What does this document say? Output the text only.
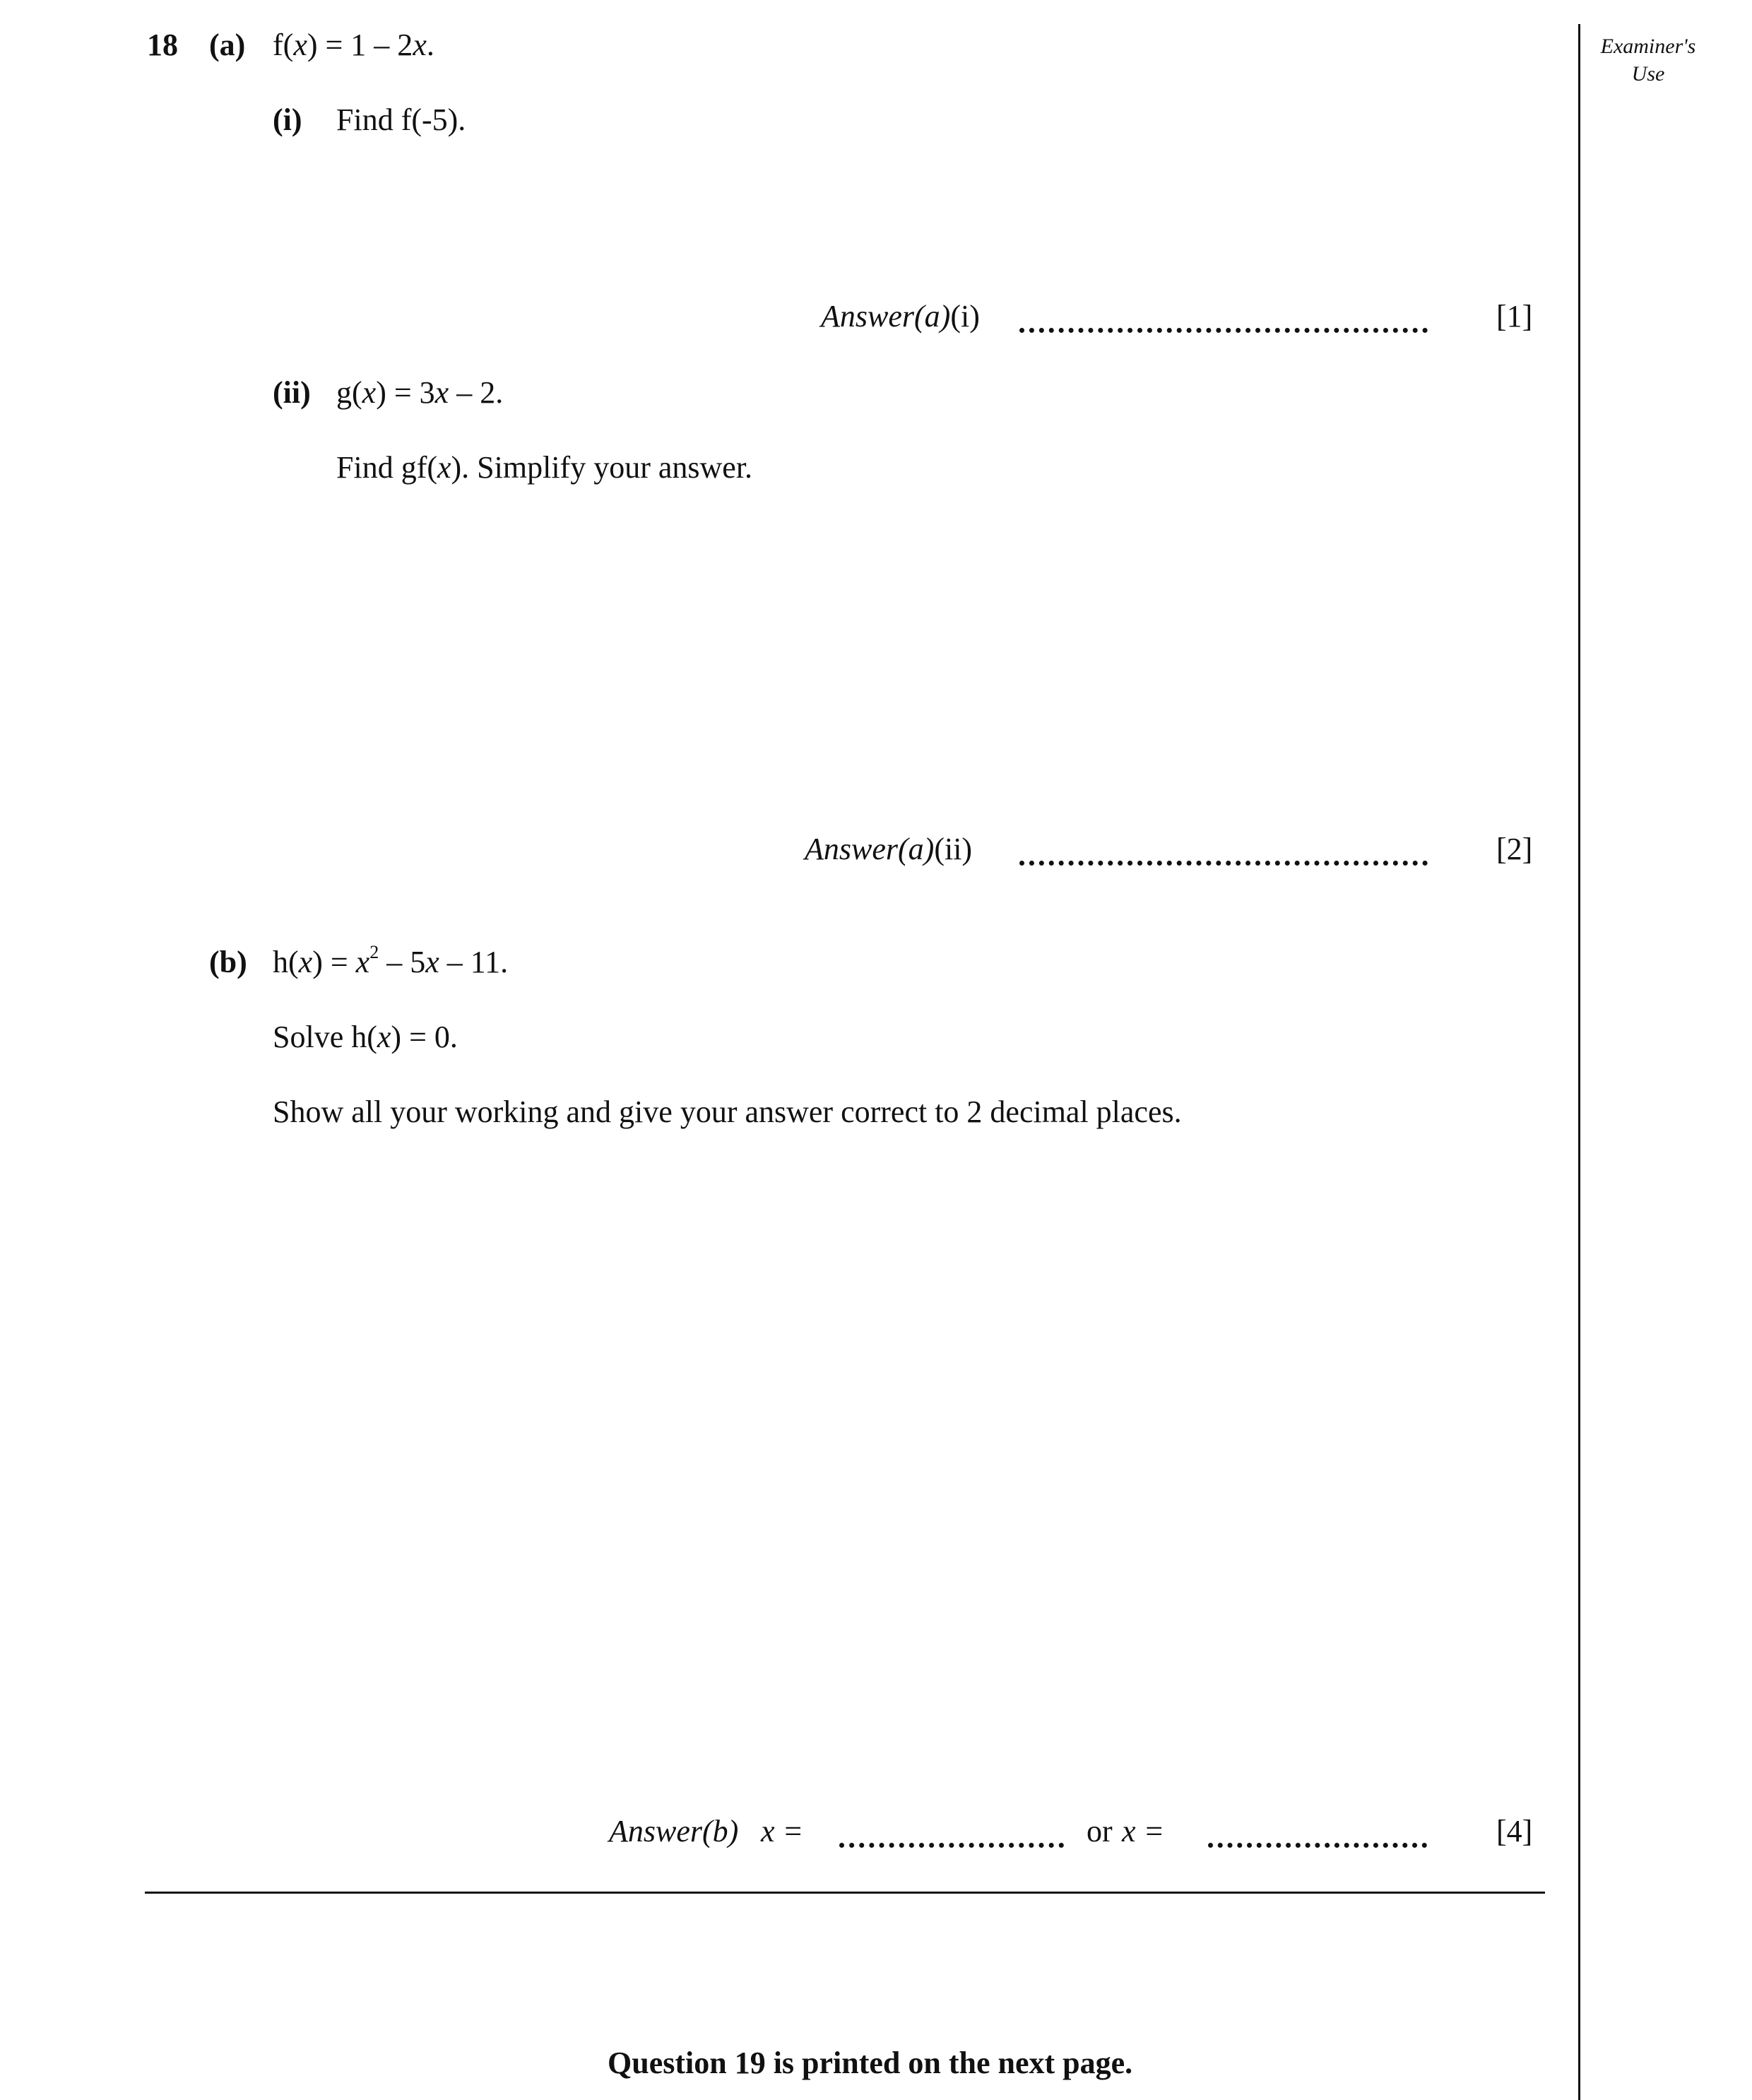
Examiner's
Use
18 (a) f(x) = 1 – 2x.
(i) Find f(-5).
Answer(a)(i)	[1]
(ii) g(x) = 3x – 2.
Find gf(x). Simplify your answer.
Answer(a)(ii)	[2]
(b) $h(x) = x^2 - 5x - 11$.
Solve h(x) = 0.
Show all your working and give your answer correct to 2 decimal places.
Answer(b) x =	or x =	[4]
Question 19 is printed on the next page.
